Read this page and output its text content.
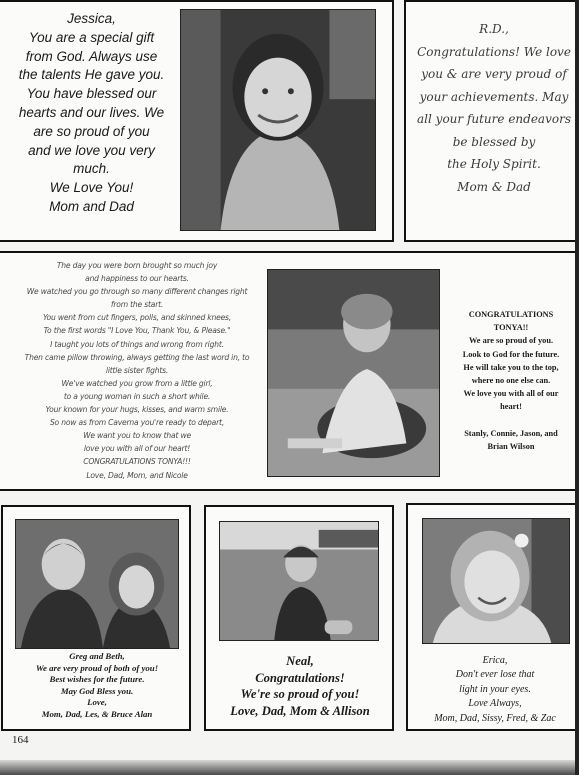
Jessica,
You are a special gift
from God. Always use
the talents He gave you.
You have blessed our
hearts and our lives. We
are so proud of you
and we love you very
much.
We Love You!
Mom and Dad
R.D.,
Congratulations! We love
you & are very proud of
your achievements. May
all your future endeavors
be blessed by
the Holy Spirit.
Mom & Dad
The day you were born brought so much joy
and happiness to our hearts.
We watched you go through so many different changes right
from the start.
You went from cut fingers, polls, and skinned knees,
To the first words "I Love You, Thank You, & Please."
I taught you lots of things and wrong from right.
Then came pillow throwing, always getting the last word in, to
little sister fights.
We've watched you grow from a little girl,
to a young woman in such a short while.
Your known for your hugs, kisses, and warm smile.
So now as from Caverna you're ready to depart,
We want you to know that we
love you with all of our heart!
CONGRATULATIONS TONYA!!!
Love, Dad, Mom, and Nicole
CONGRATULATIONS
TONYA!!
We are so proud of you.
Look to God for the future.
He will take you to the top,
where no one else can.
We love you with all of our
heart!
Stanly, Connie, Jason, and
Brian Wilson
Greg and Beth,
We are very proud of both of you!
Best wishes for the future.
May God Bless you.
Love,
Mom, Dad, Les, & Bruce Alan
Neal,
Congratulations!
We're so proud of you!
Love, Dad, Mom & Allison
Erica,
Don't ever lose that
light in your eyes.
Love Always,
Mom, Dad, Sissy, Fred, & Zac
164
